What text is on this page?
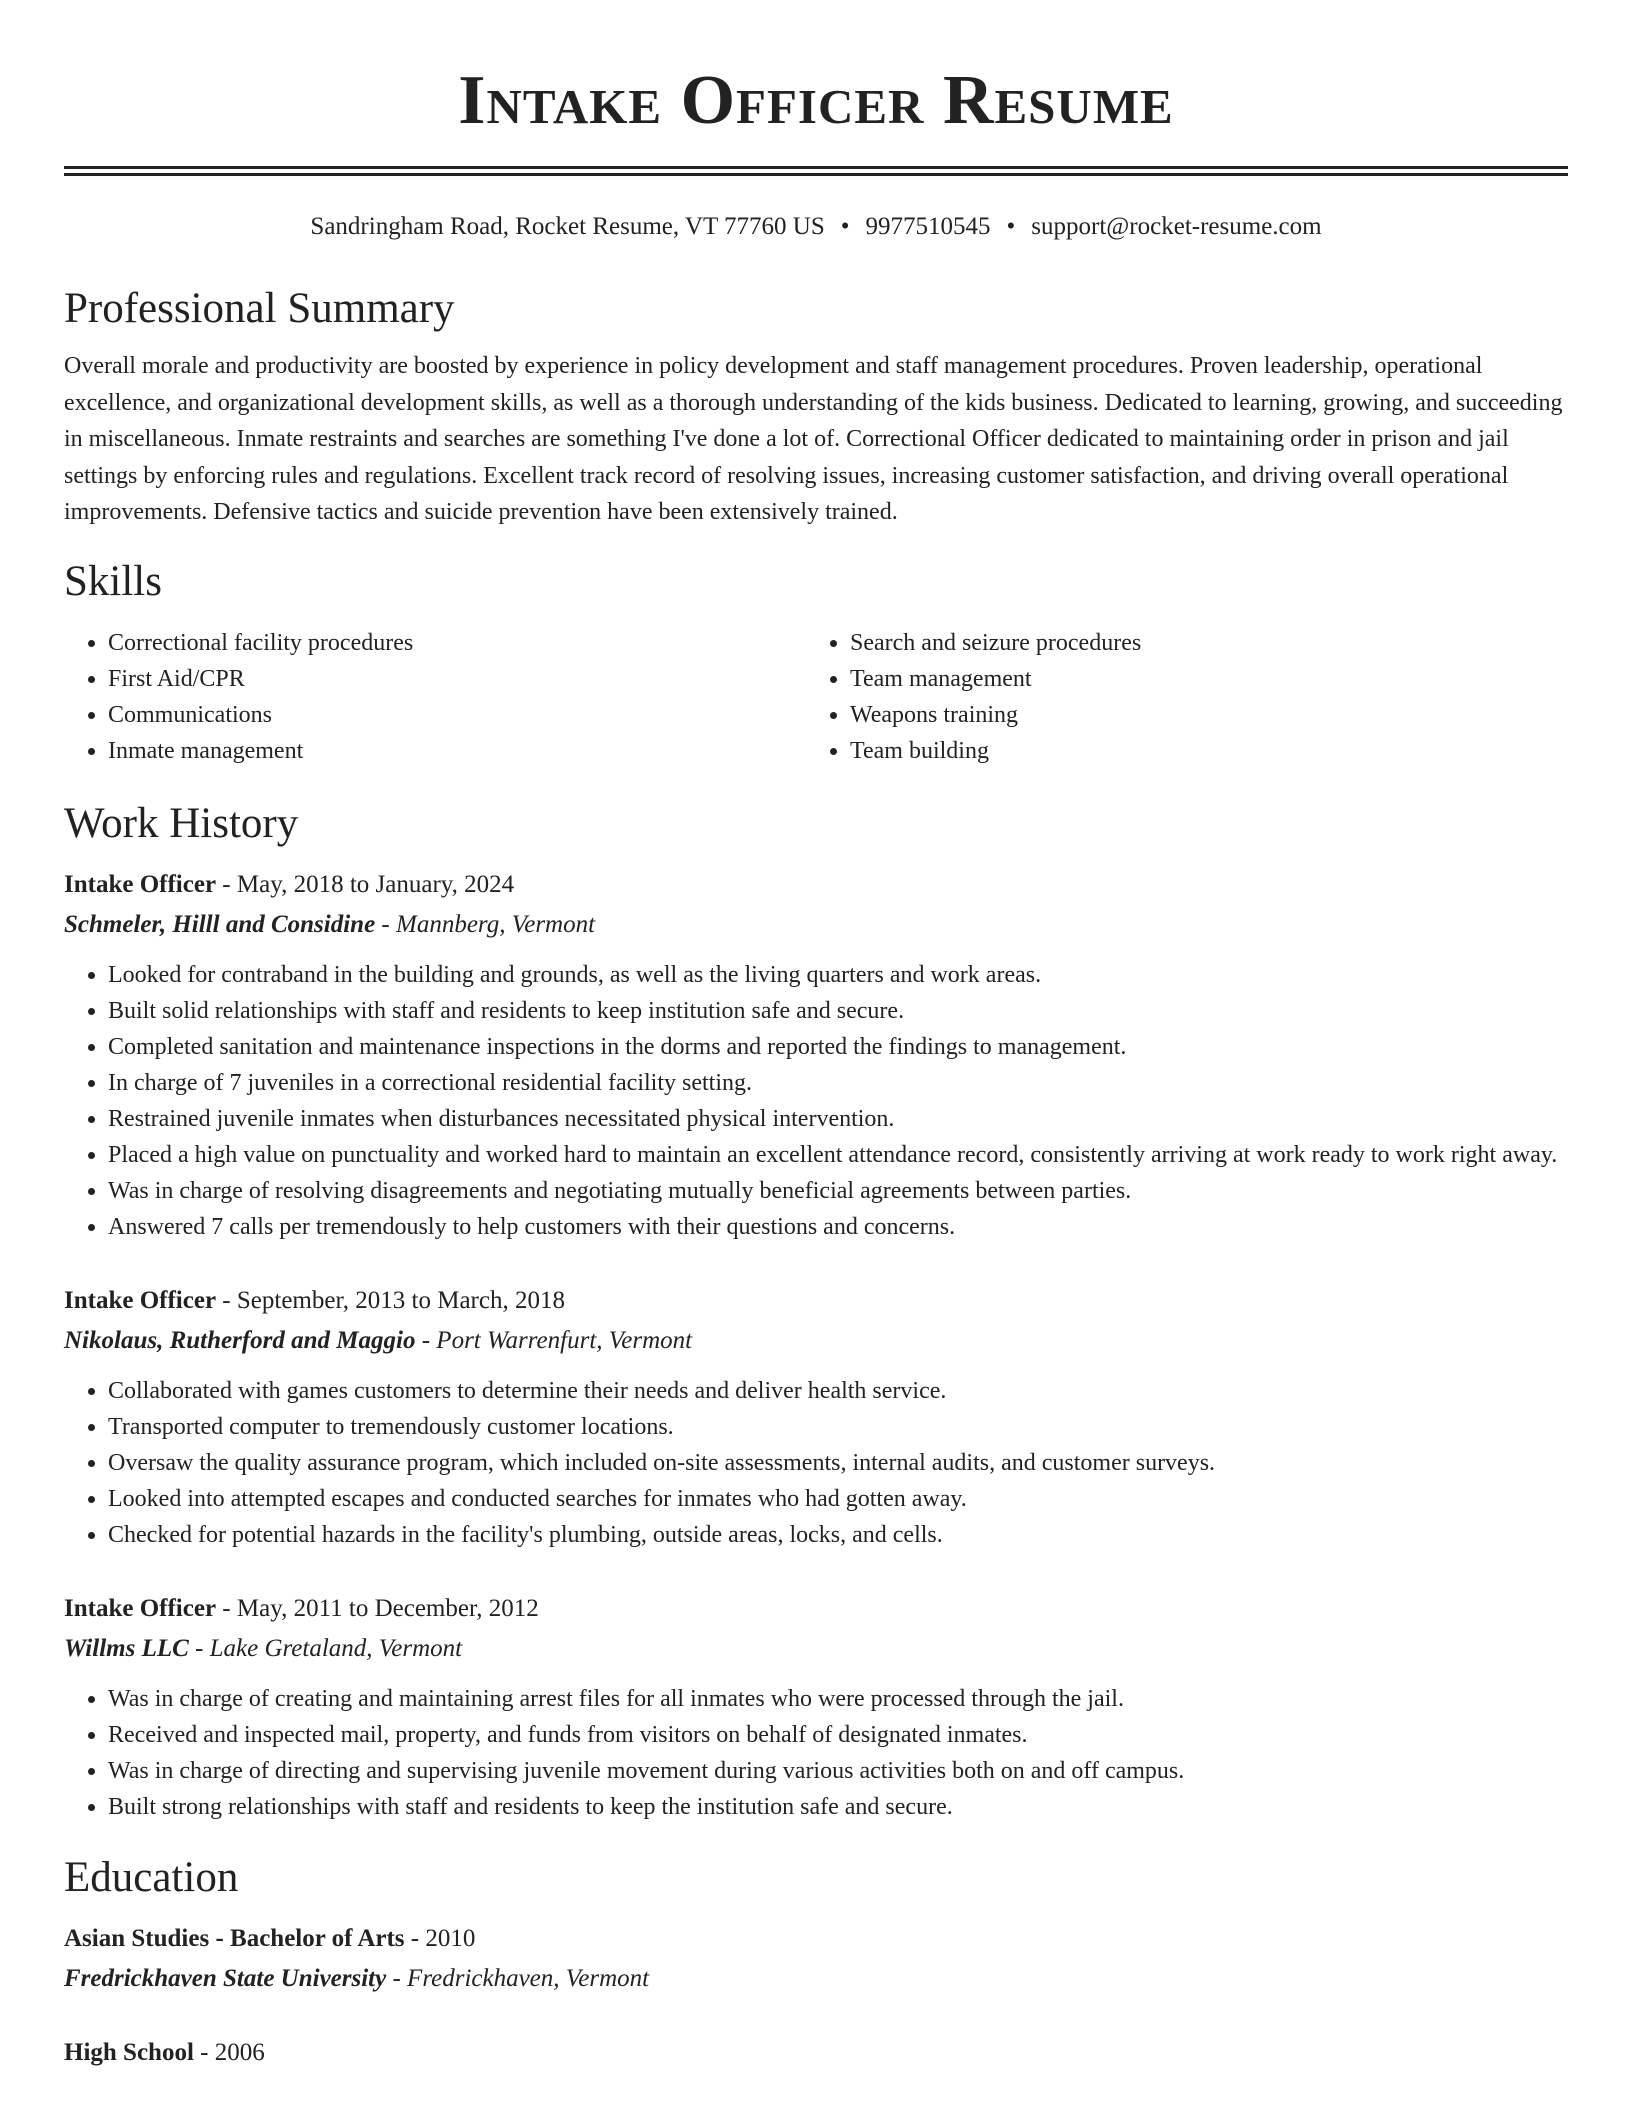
Intake Officer Resume
Sandringham Road, Rocket Resume, VT 77760 US • 9977510545 • support@rocket-resume.com
Professional Summary

Overall morale and productivity are boosted by experience in policy development and staff management procedures. Proven leadership, operational excellence, and organizational development skills, as well as a thorough understanding of the kids business. Dedicated to learning, growing, and succeeding in miscellaneous. Inmate restraints and searches are something I've done a lot of. Correctional Officer dedicated to maintaining order in prison and jail settings by enforcing rules and regulations. Excellent track record of resolving issues, increasing customer satisfaction, and driving overall operational improvements. Defensive tactics and suicide prevention have been extensively trained.

Skills
• Correctional facility procedures
• First Aid/CPR
• Communications
• Inmate management
• Search and seizure procedures
• Team management
• Weapons training
• Team building
Work History
Intake Officer - May, 2018 to January, 2024
Schmeler, Hilll and Considine - Mannberg, Vermont
• Looked for contraband in the building and grounds, as well as the living quarters and work areas.
• Built solid relationships with staff and residents to keep institution safe and secure.
• Completed sanitation and maintenance inspections in the dorms and reported the findings to management.
• In charge of 7 juveniles in a correctional residential facility setting.
• Restrained juvenile inmates when disturbances necessitated physical intervention.
• Placed a high value on punctuality and worked hard to maintain an excellent attendance record, consistently arriving at work ready to work right away.
• Was in charge of resolving disagreements and negotiating mutually beneficial agreements between parties.
• Answered 7 calls per tremendously to help customers with their questions and concerns.
Intake Officer - September, 2013 to March, 2018
Nikolaus, Rutherford and Maggio - Port Warrenfurt, Vermont
• Collaborated with games customers to determine their needs and deliver health service.
• Transported computer to tremendously customer locations.
• Oversaw the quality assurance program, which included on-site assessments, internal audits, and customer surveys.
• Looked into attempted escapes and conducted searches for inmates who had gotten away.
• Checked for potential hazards in the facility's plumbing, outside areas, locks, and cells.
Intake Officer - May, 2011 to December, 2012
Willms LLC - Lake Gretaland, Vermont
• Was in charge of creating and maintaining arrest files for all inmates who were processed through the jail.
• Received and inspected mail, property, and funds from visitors on behalf of designated inmates.
• Was in charge of directing and supervising juvenile movement during various activities both on and off campus.
• Built strong relationships with staff and residents to keep the institution safe and secure.
Education
Asian Studies - Bachelor of Arts - 2010
Fredrickhaven State University - Fredrickhaven, Vermont
High School - 2006
